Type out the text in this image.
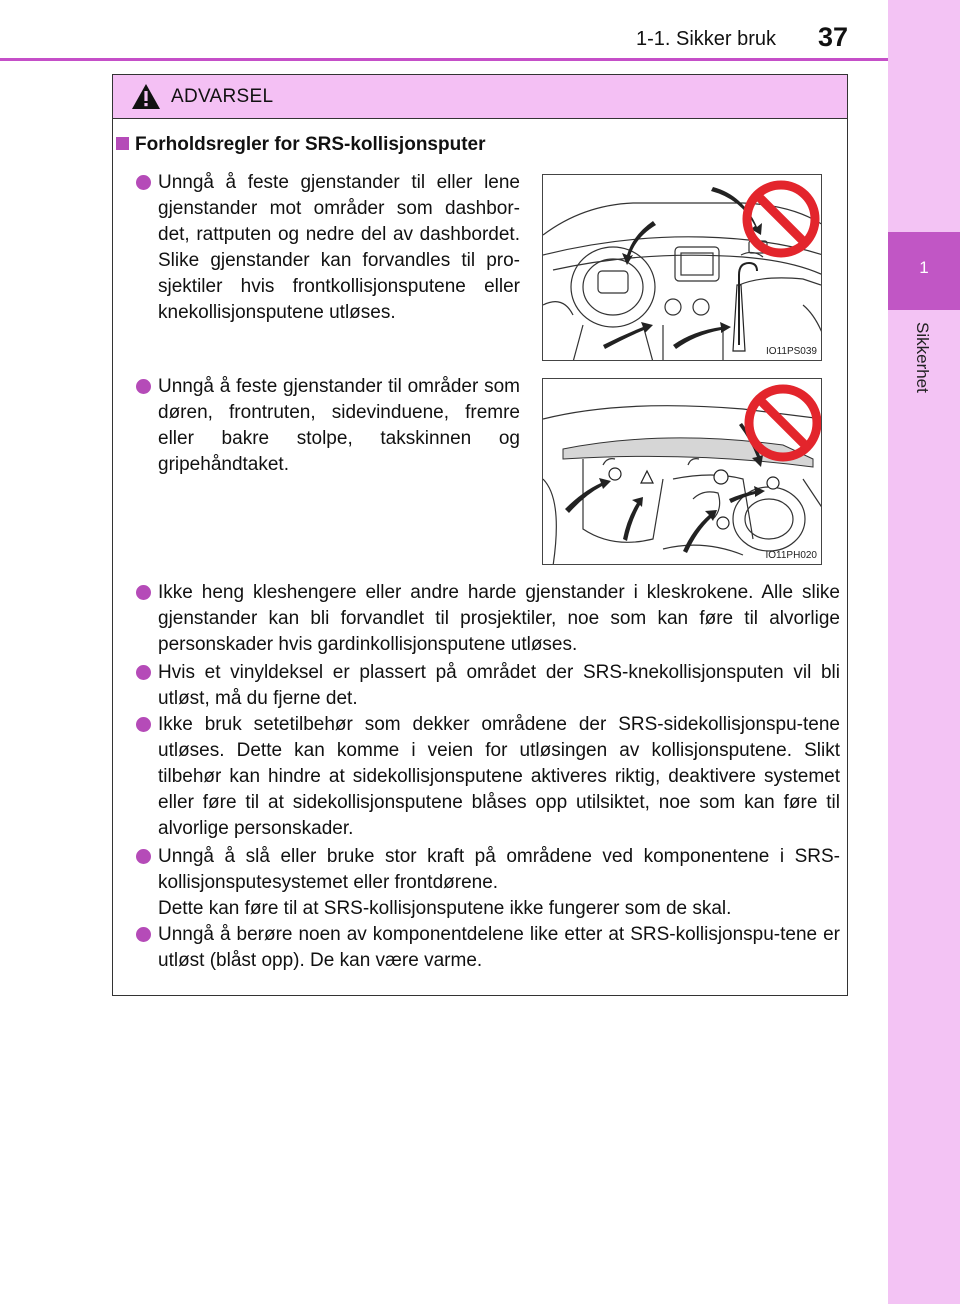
1-1. Sikker bruk 37
1
Sikkerhet
ADVARSEL
Forholdsregler for SRS-kollisjonsputer

Unngå å feste gjenstander til eller lene gjenstander mot områder som dashbor-det, rattputen og nedre del av dashbordet. Slike gjenstander kan forvandles til pro-sjektiler hvis frontkollisjonsputene eller knekollisjonsputene utløses.

IO11PS039

Unngå å feste gjenstander til områder som døren, frontruten, sidevinduene, fremre eller bakre stolpe, takskinnen og gripehåndtaket.

IO11PH020

Ikke heng kleshengere eller andre harde gjenstander i kleskrokene. Alle slike gjenstander kan bli forvandlet til prosjektiler, noe som kan føre til alvorlige personskader hvis gardinkollisjonsputene utløses.

Hvis et vinyldeksel er plassert på området der SRS-knekollisjonsputen vil bli utløst, må du fjerne det.

Ikke bruk setetilbehør som dekker områdene der SRS-sidekollisjonspu-tene utløses. Dette kan komme i veien for utløsingen av kollisjonsputene. Slikt tilbehør kan hindre at sidekollisjonsputene aktiveres riktig, deaktivere systemet eller føre til at sidekollisjonsputene blåses opp utilsiktet, noe som kan føre til alvorlige personskader.

Unngå å slå eller bruke stor kraft på områdene ved komponentene i SRS-kollisjonsputesystemet eller frontdørene.

Dette kan føre til at SRS-kollisjonsputene ikke fungerer som de skal.

Unngå å berøre noen av komponentdelene like etter at SRS-kollisjonspu-tene er utløst (blåst opp). De kan være varme.
